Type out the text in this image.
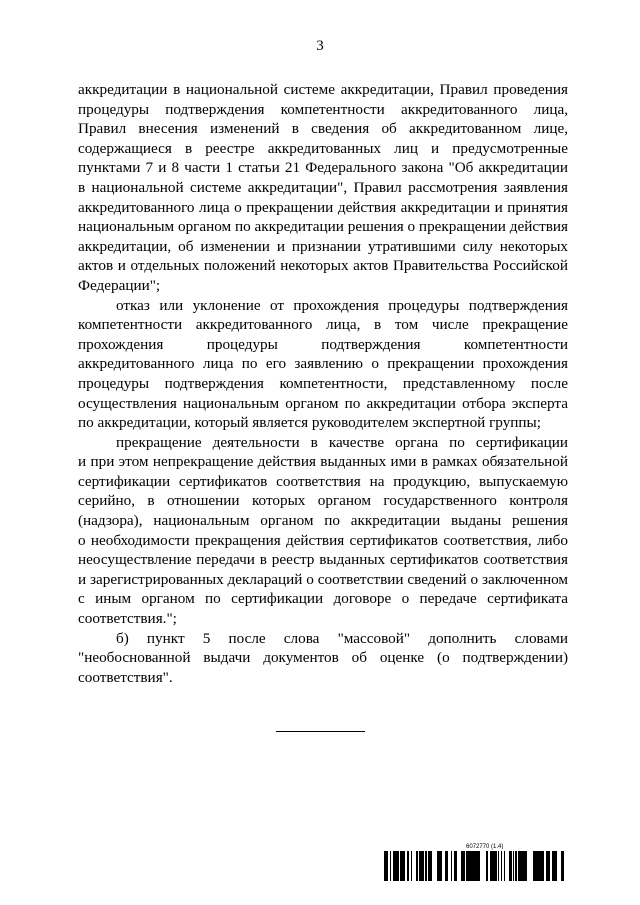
3
аккредитации в национальной системе аккредитации, Правил проведения
процедуры подтверждения компетентности аккредитованного лица,
Правил внесения изменений в сведения об аккредитованном лице,
содержащиеся в реестре аккредитованных лиц и предусмотренные
пунктами 7 и 8 части 1 статьи 21 Федерального закона "Об аккредитации
в национальной системе аккредитации", Правил рассмотрения заявления
аккредитованного лица о прекращении действия аккредитации и принятия
национальным органом по аккредитации решения о прекращении действия
аккредитации, об изменении и признании утратившими силу некоторых
актов и отдельных положений некоторых актов Правительства Российской
Федерации";
отказ или уклонение от прохождения процедуры подтверждения
компетентности аккредитованного лица, в том числе прекращение
прохождения процедуры подтверждения компетентности
аккредитованного лица по его заявлению о прекращении прохождения
процедуры подтверждения компетентности, представленному после
осуществления национальным органом по аккредитации отбора эксперта
по аккредитации, который является руководителем экспертной группы;
прекращение деятельности в качестве органа по сертификации
и при этом непрекращение действия выданных ими в рамках обязательной
сертификации сертификатов соответствия на продукцию, выпускаемую
серийно, в отношении которых органом государственного контроля
(надзора), национальным органом по аккредитации выданы решения
о необходимости прекращения действия сертификатов соответствия, либо
неосуществление передачи в реестр выданных сертификатов соответствия
и зарегистрированных деклараций о соответствии сведений о заключенном
с иным органом по сертификации договоре о передаче сертификата
соответствия.";
б) пункт 5 после слова "массовой" дополнить словами
"необоснованной выдачи документов об оценке (о подтверждении)
соответствия".
6072770 (1.4)
